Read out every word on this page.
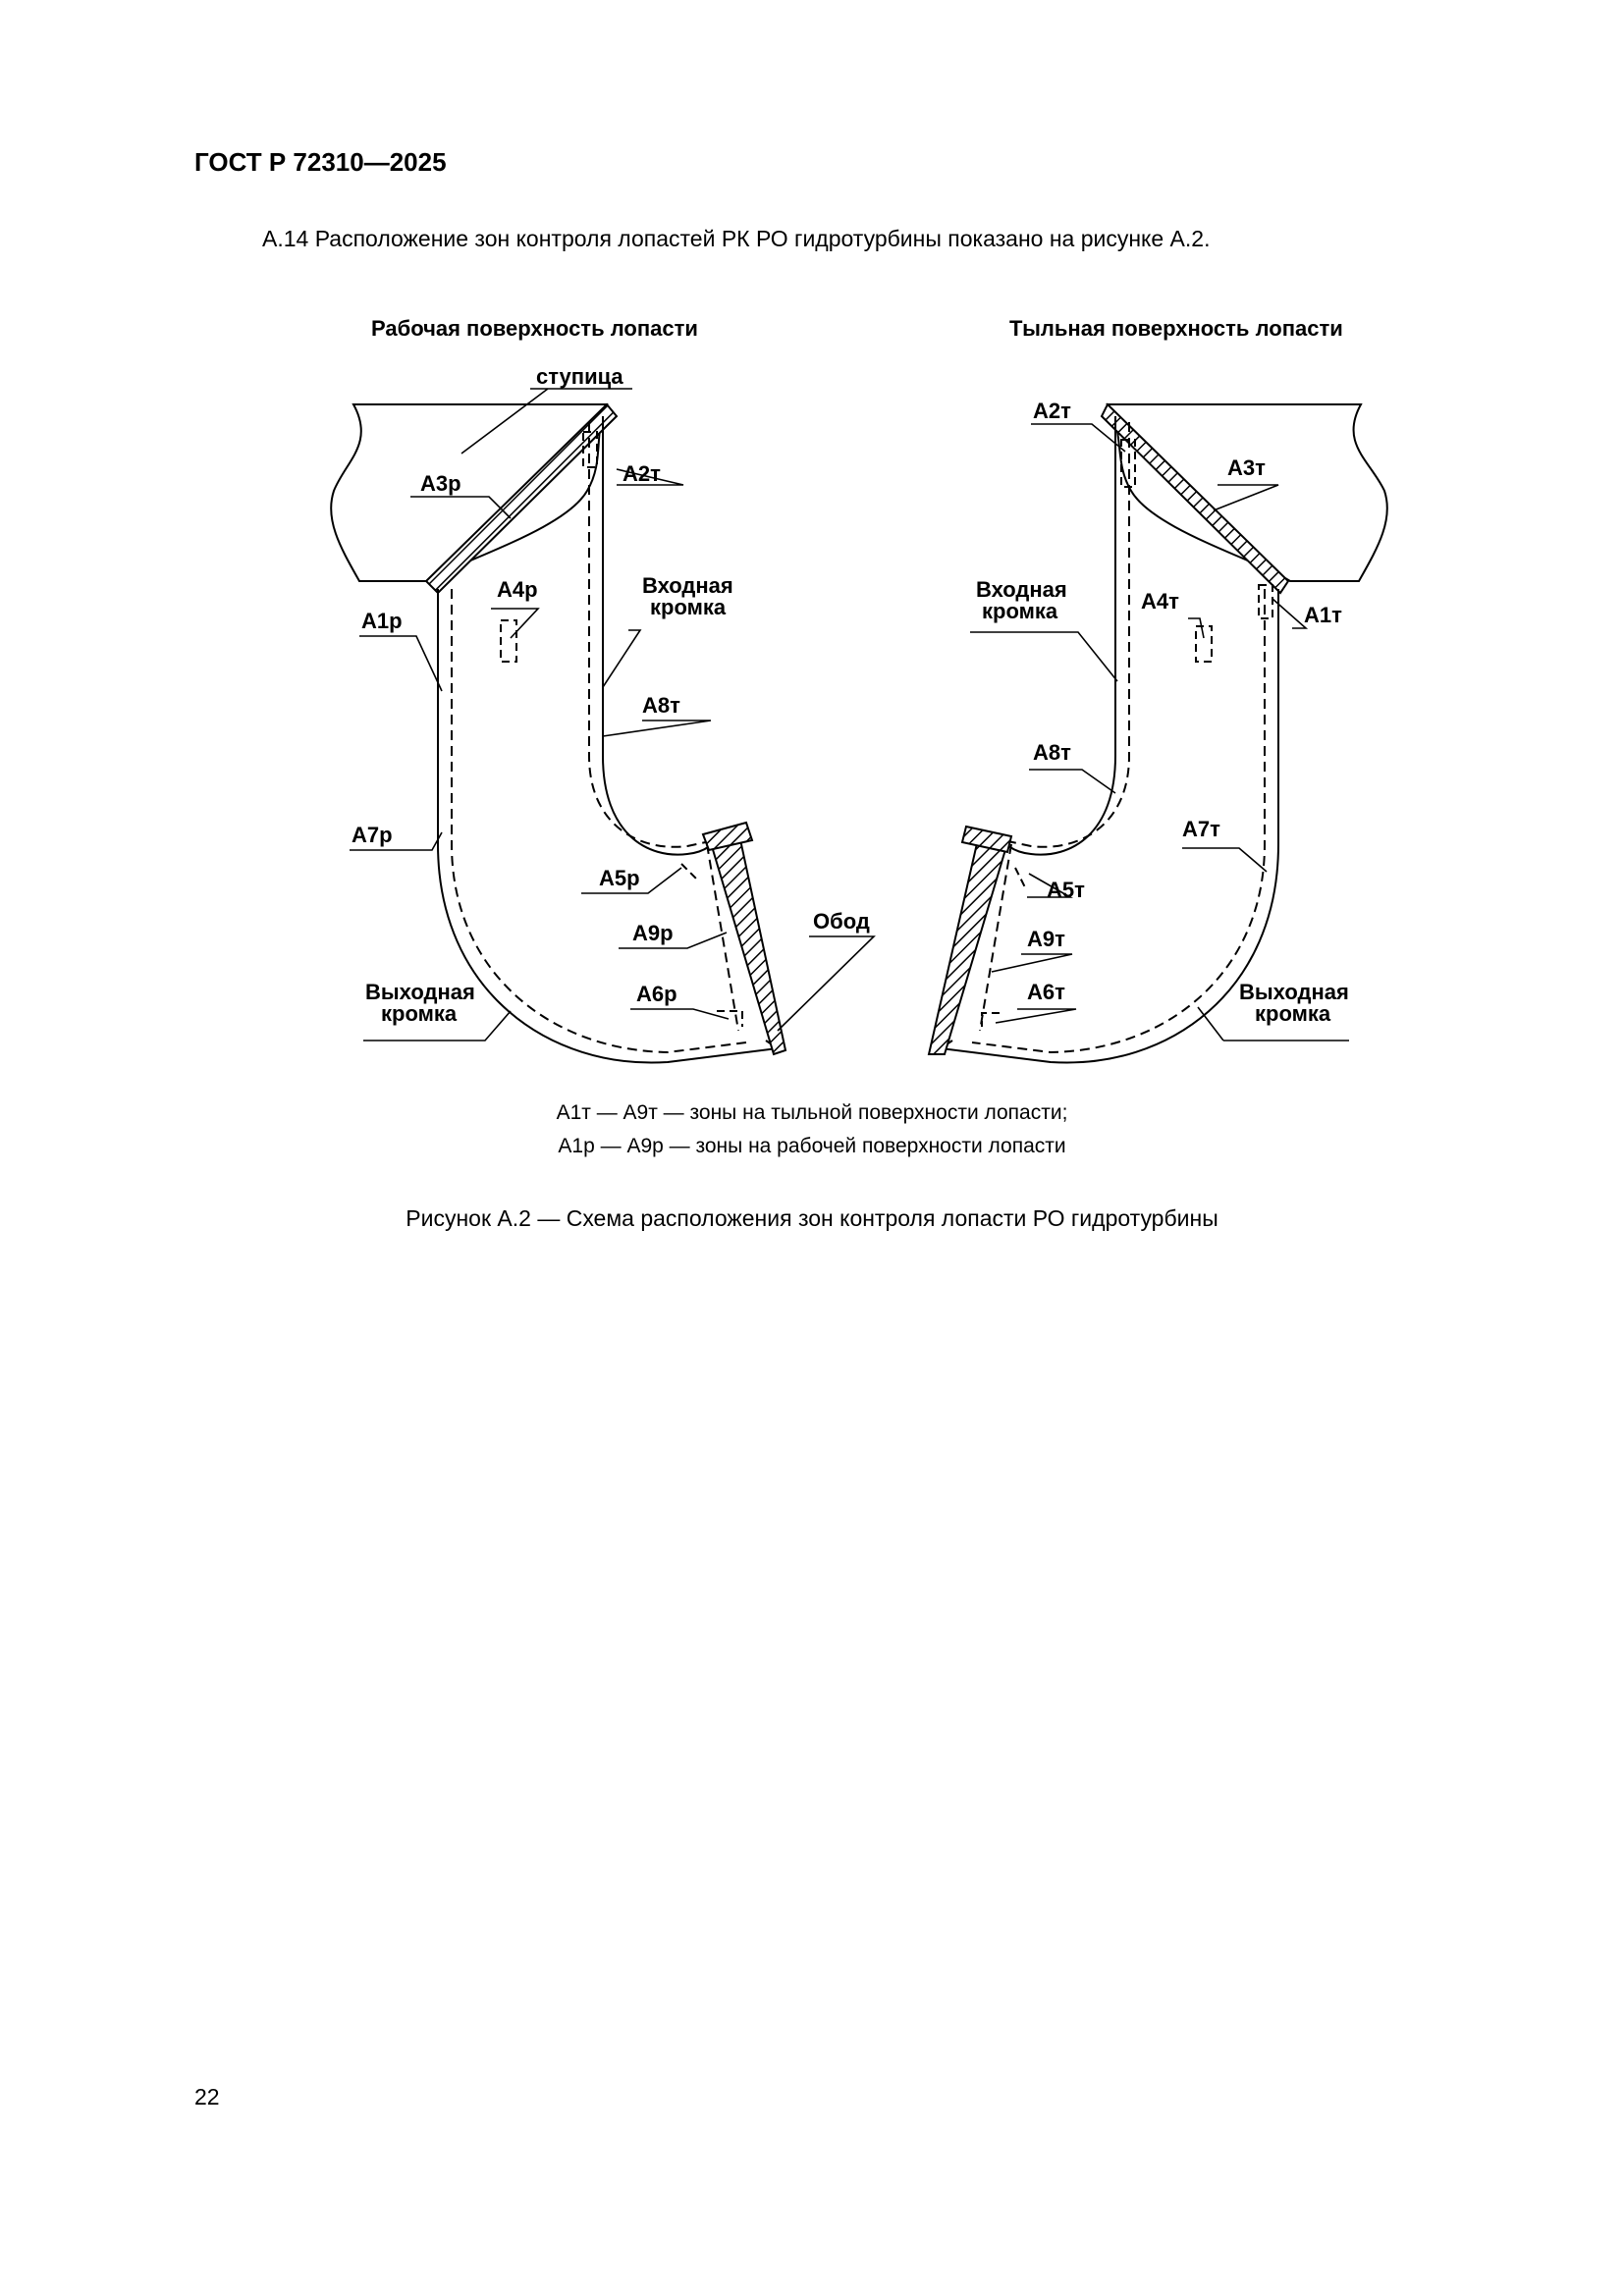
ГОСТ Р 72310—2025
А.14 Расположение зон контроля лопастей РК РО гидротурбины показано на рисунке А.2.
Рабочая поверхность лопасти
ступица
А3р	А2т
А4р
А1р
Входная
кромка
А8т
А7р
А5р
Обод
А9р
Выходная
кромка
А6р
Тыльная поверхность лопасти
А2т
А3т
Входная
кромка	А4т
А1т
А8т
А7т
А5т
А9т
А6т	Выходная
кромка
А1т — А9т — зоны на тыльной поверхности лопасти;
А1р — А9р — зоны на рабочей поверхности лопасти
Рисунок А.2 — Схема расположения зон контроля лопасти РО гидротурбины
22
